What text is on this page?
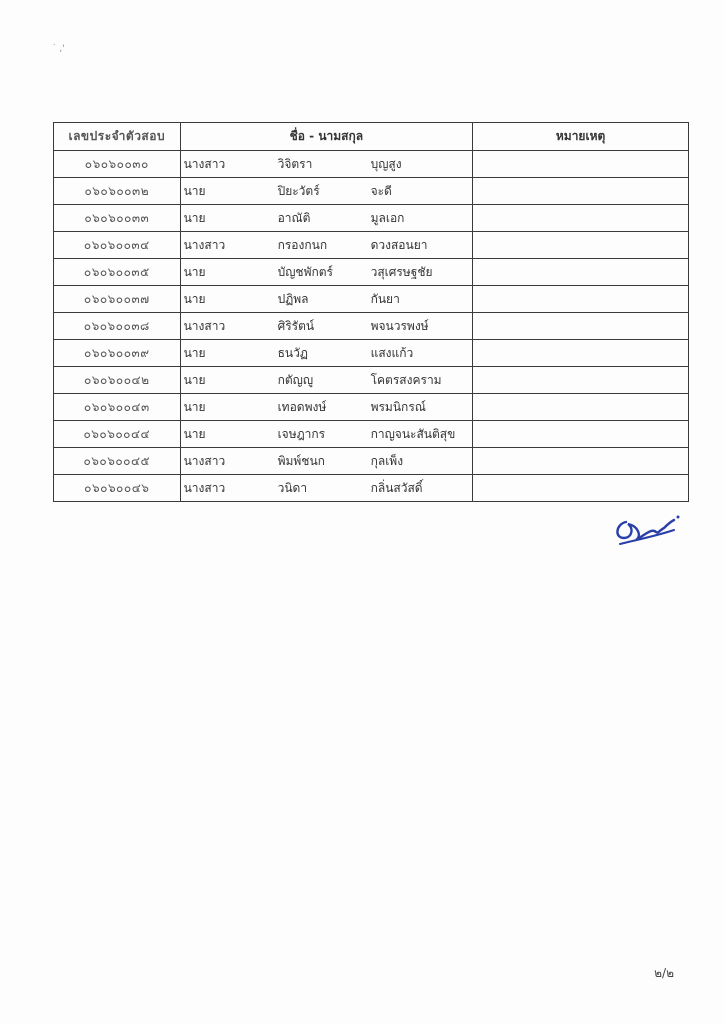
˙ ,'
เลขประจำตัวสอบ	ชื่อ - นามสกุล	หมายเหตุ
๐๖๐๖๐๐๓๐	นางสาว วิจิตรา บุญสูง	

๐๖๐๖๐๐๓๒	นาย ปิยะวัตร์ จะดี	

๐๖๐๖๐๐๓๓	นาย อาณัติ มูลเอก	

๐๖๐๖๐๐๓๔	นางสาว กรองกนก ดวงสอนยา	

๐๖๐๖๐๐๓๕	นาย บัญชพักตร์ วสุเศรษฐชัย	

๐๖๐๖๐๐๓๗	นาย ปฏิพล กันยา	

๐๖๐๖๐๐๓๘	นางสาว ศิริรัตน์ พจนวรพงษ์	

๐๖๐๖๐๐๓๙	นาย ธนวัฏ แสงแก้ว	

๐๖๐๖๐๐๔๒	นาย กตัญญู โคตรสงคราม	

๐๖๐๖๐๐๔๓	นาย เทอดพงษ์ พรมนิกรณ์	

๐๖๐๖๐๐๔๔	นาย เจษฎากร กาญจนะสันติสุข	

๐๖๐๖๐๐๔๕	นางสาว พิมพ์ชนก กุลเพ็ง	

๐๖๐๖๐๐๔๖	นางสาว วนิดา กลิ่นสวัสดิ์	

๒/๒
